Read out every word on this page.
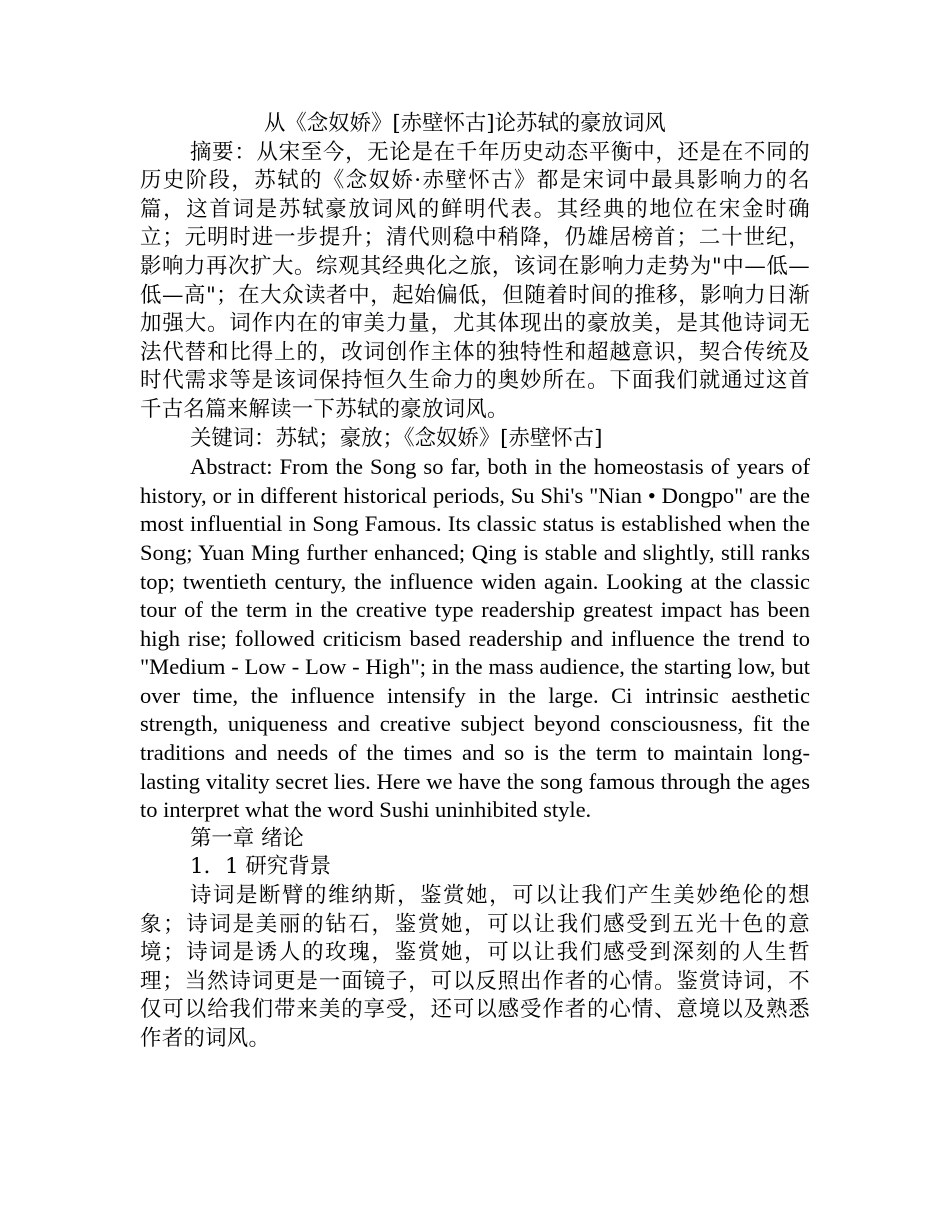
从《念奴娇》[赤壁怀古]论苏轼的豪放词风

摘要：从宋至今，无论是在千年历史动态平衡中，还是在不同的历史阶段，苏轼的《念奴娇·赤壁怀古》都是宋词中最具影响力的名篇，这首词是苏轼豪放词风的鲜明代表。其经典的地位在宋金时确立；元明时进一步提升；清代则稳中稍降，仍雄居榜首；二十世纪，影响力再次扩大。综观其经典化之旅，该词在影响力走势为"中—低—低—高"；在大众读者中，起始偏低，但随着时间的推移，影响力日渐加强大。词作内在的审美力量，尤其体现出的豪放美，是其他诗词无法代替和比得上的，改词创作主体的独特性和超越意识，契合传统及时代需求等是该词保持恒久生命力的奥妙所在。下面我们就通过这首千古名篇来解读一下苏轼的豪放词风。

关键词：苏轼；豪放；《念奴娇》[赤壁怀古]

Abstract: From the Song so far, both in the homeostasis of years of history, or in different historical periods, Su Shi's "Nian • Dongpo" are the most influential in Song Famous. Its classic status is established when the Song; Yuan Ming further enhanced; Qing is stable and slightly, still ranks top; twentieth century, the influence widen again. Looking at the classic tour of the term in the creative type readership greatest impact has been high rise; followed criticism based readership and influence the trend to "Medium - Low - Low - High"; in the mass audience, the starting low, but over time, the influence intensify in the large. Ci intrinsic aesthetic strength, uniqueness and creative subject beyond consciousness, fit the traditions and needs of the times and so is the term to maintain long-lasting vitality secret lies. Here we have the song famous through the ages to interpret what the word Sushi uninhibited style.

第一章 绪论

1．1 研究背景

诗词是断臂的维纳斯，鉴赏她，可以让我们产生美妙绝伦的想象；诗词是美丽的钻石，鉴赏她，可以让我们感受到五光十色的意境；诗词是诱人的玫瑰，鉴赏她，可以让我们感受到深刻的人生哲理；当然诗词更是一面镜子，可以反照出作者的心情。鉴赏诗词，不仅可以给我们带来美的享受，还可以感受作者的心情、意境以及熟悉作者的词风。
